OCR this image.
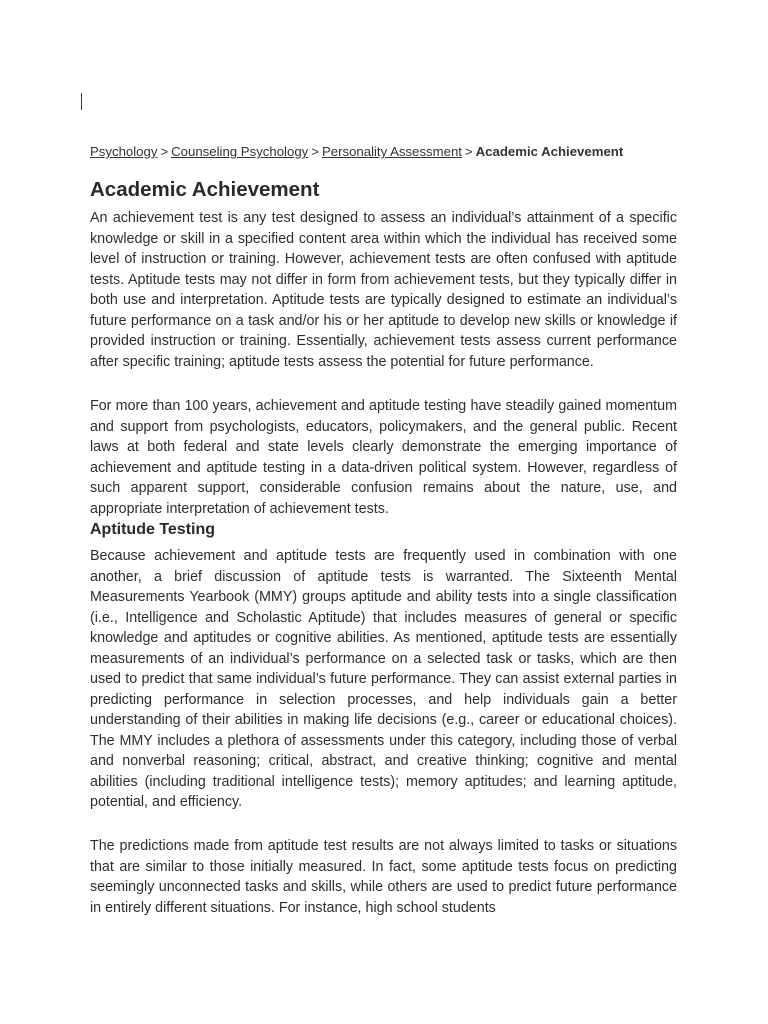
Psychology > Counseling Psychology > Personality Assessment > Academic Achievement
Academic Achievement

An achievement test is any test designed to assess an individual’s attainment of a specific knowledge or skill in a specified content area within which the individual has received some level of instruction or training. However, achievement tests are often confused with aptitude tests. Aptitude tests may not differ in form from achievement tests, but they typically differ in both use and interpretation. Aptitude tests are typically designed to estimate an individual’s future performance on a task and/or his or her aptitude to develop new skills or knowledge if provided instruction or training. Essentially, achievement tests assess current performance after specific training; aptitude tests assess the potential for future performance.

For more than 100 years, achievement and aptitude testing have steadily gained momentum and support from psychologists, educators, policymakers, and the general public. Recent laws at both federal and state levels clearly demonstrate the emerging importance of achievement and aptitude testing in a data-driven political system. However, regardless of such apparent support, considerable confusion remains about the nature, use, and appropriate interpretation of achievement tests.

Aptitude Testing

Because achievement and aptitude tests are frequently used in combination with one another, a brief discussion of aptitude tests is warranted. The Sixteenth Mental Measurements Yearbook (MMY) groups aptitude and ability tests into a single classification (i.e., Intelligence and Scholastic Aptitude) that includes measures of general or specific knowledge and aptitudes or cognitive abilities. As mentioned, aptitude tests are essentially measurements of an individual’s performance on a selected task or tasks, which are then used to predict that same individual’s future performance. They can assist external parties in predicting performance in selection processes, and help individuals gain a better understanding of their abilities in making life decisions (e.g., career or educational choices). The MMY includes a plethora of assessments under this category, including those of verbal and nonverbal reasoning; critical, abstract, and creative thinking; cognitive and mental abilities (including traditional intelligence tests); memory aptitudes; and learning aptitude, potential, and efficiency.

The predictions made from aptitude test results are not always limited to tasks or situations that are similar to those initially measured. In fact, some aptitude tests focus on predicting seemingly unconnected tasks and skills, while others are used to predict future performance in entirely different situations. For instance, high school students
